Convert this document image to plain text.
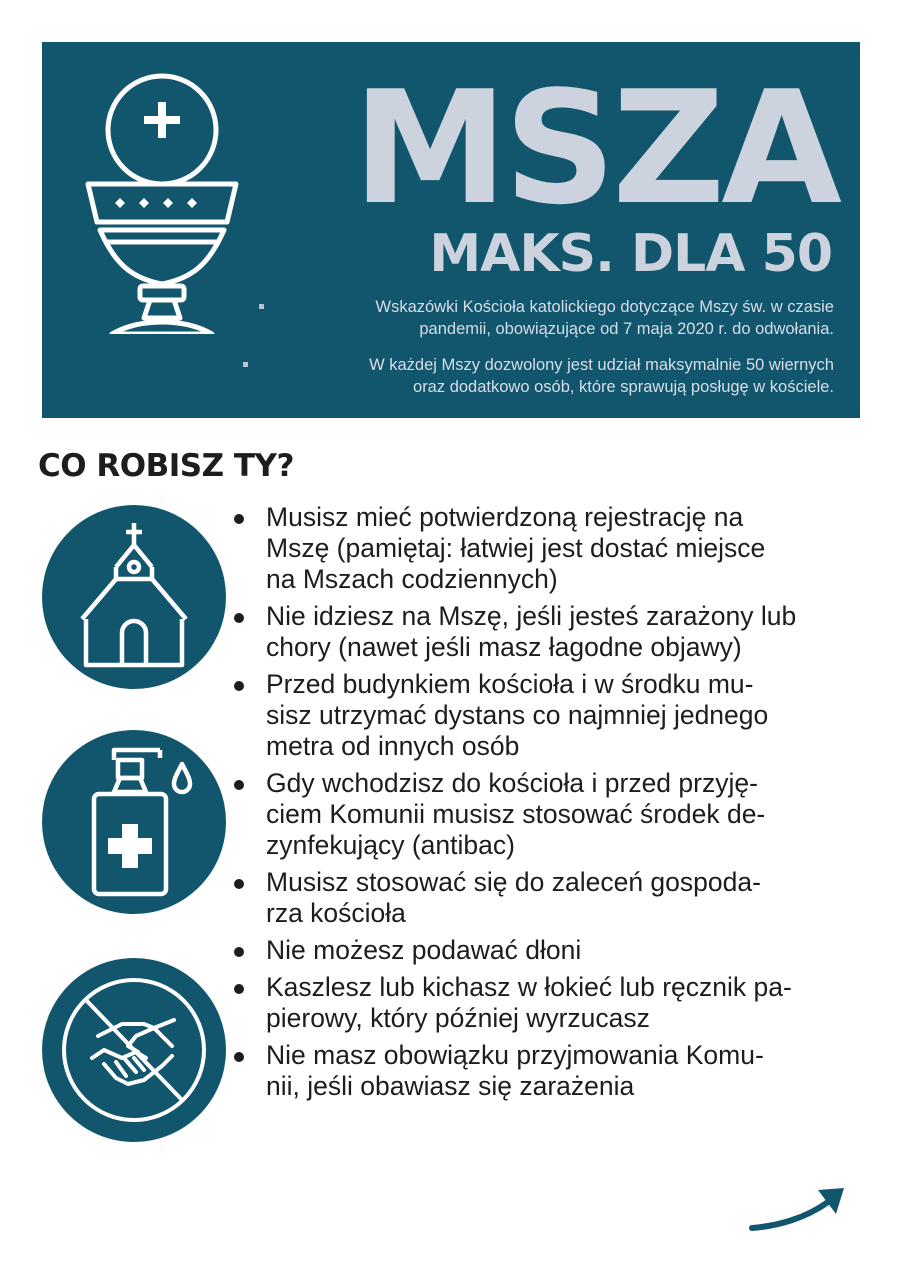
MSZA
MAKS. DLA 50
Wskazówki Kościoła katolickiego dotyczące Mszy św. w czasie
pandemii, obowiązujące od 7 maja 2020 r. do odwołania.
W każdej Mszy dozwolony jest udział maksymalnie 50 wiernych
oraz dodatkowo osób, które sprawują posługę w kościele.
CO ROBISZ TY?
Musisz mieć potwierdzoną rejestrację na
Mszę (pamiętaj: łatwiej jest dostać miejsce
na Mszach codziennych)
Nie idziesz na Mszę, jeśli jesteś zarażony lub
chory (nawet jeśli masz łagodne objawy)
Przed budynkiem kościoła i w środku mu-
sisz utrzymać dystans co najmniej jednego
metra od innych osób
Gdy wchodzisz do kościoła i przed przyję-
ciem Komunii musisz stosować środek de-
zynfekujący (antibac)
Musisz stosować się do zaleceń gospoda-
rza kościoła
Nie możesz podawać dłoni
Kaszlesz lub kichasz w łokieć lub ręcznik pa-
pierowy, który później wyrzucasz
Nie masz obowiązku przyjmowania Komu-
nii, jeśli obawiasz się zarażenia
